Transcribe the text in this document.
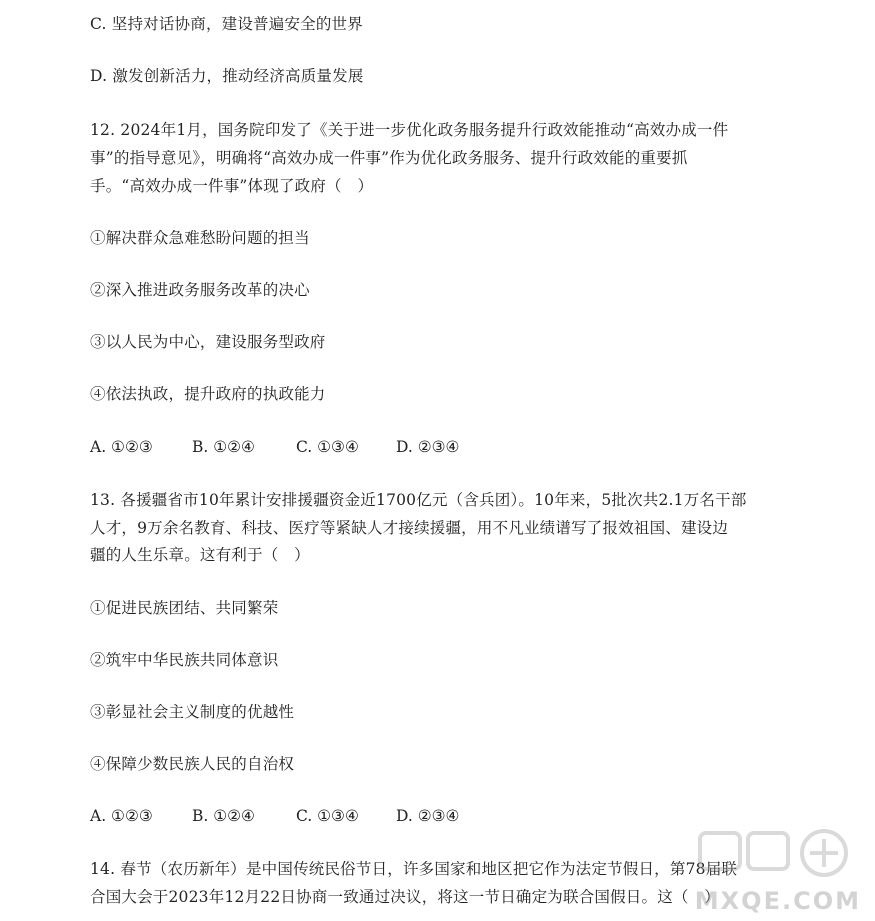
C. 坚持对话协商，建设普遍安全的世界
D. 激发创新活力，推动经济高质量发展
12. 2024年1月，国务院印发了《关于进一步优化政务服务提升行政效能推动“高效办成一件
事”的指导意见》，明确将“高效办成一件事”作为优化政务服务、提升行政效能的重要抓
手。“高效办成一件事”体现了政府（　）
①解决群众急难愁盼问题的担当
②深入推进政务服务改革的决心
③以人民为中心，建设服务型政府
④依法执政，提升政府的执政能力
A. ①②③	B. ①②④	C. ①③④	D. ②③④
13. 各援疆省市10年累计安排援疆资金近1700亿元（含兵团）。10年来，5批次共2.1万名干部
人才，9万余名教育、科技、医疗等紧缺人才接续援疆，用不凡业绩谱写了报效祖国、建设边
疆的人生乐章。这有利于（　）
①促进民族团结、共同繁荣
②筑牢中华民族共同体意识
③彰显社会主义制度的优越性
④保障少数民族人民的自治权
A. ①②③	B. ①②④	C. ①③④	D. ②③④
14. 春节（农历新年）是中国传统民俗节日，许多国家和地区把它作为法定节假日，第78届联
合国大会于2023年12月22日协商一致通过决议，将这一节日确定为联合国假日。这（　）
MXQE.COM
